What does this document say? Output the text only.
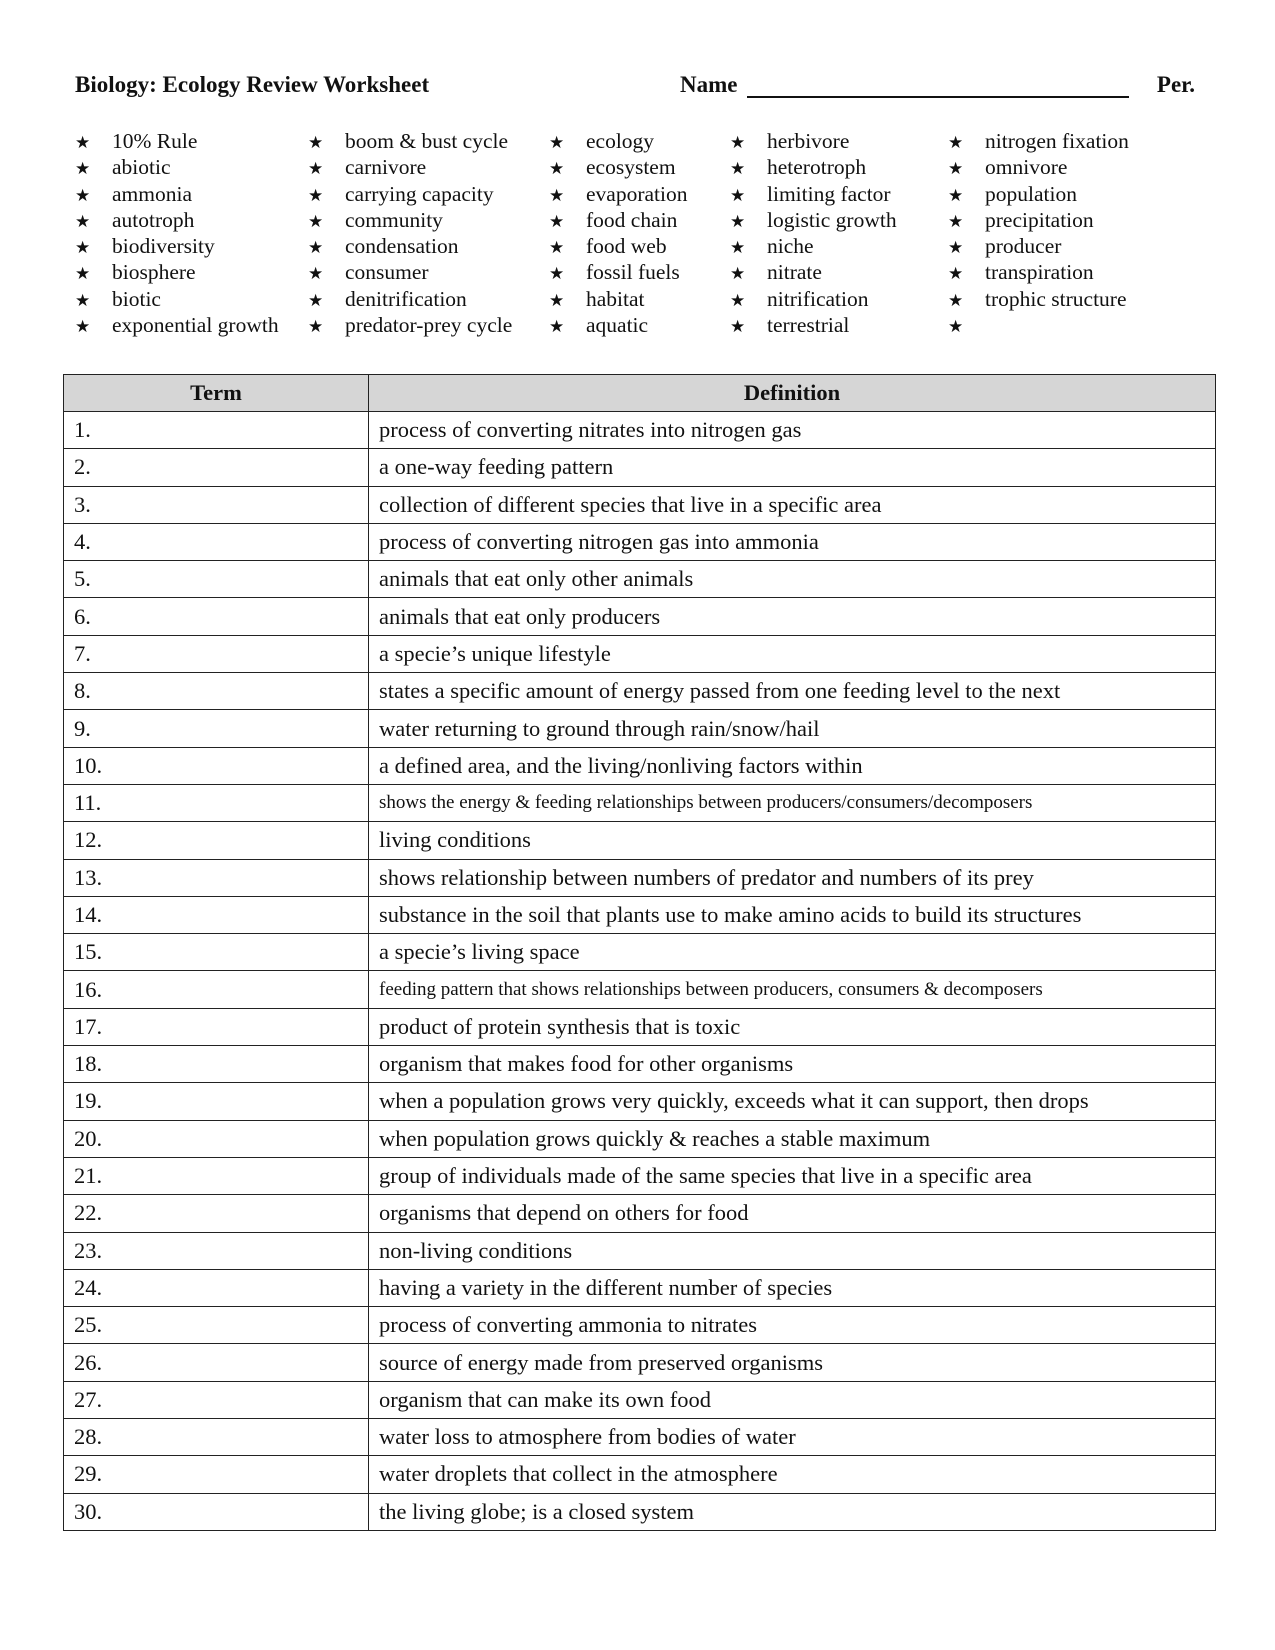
Biology: Ecology Review Worksheet	Name	Per.
★ 10% Rule
★ abiotic
★ ammonia
★ autotroph
★ biodiversity
★ biosphere
★ biotic
★ exponential growth
★ boom & bust cycle
★ carnivore
★ carrying capacity
★ community
★ condensation
★ consumer
★ denitrification
★ predator-prey cycle
★ ecology
★ ecosystem
★ evaporation
★ food chain
★ food web
★ fossil fuels
★ habitat
★ aquatic
★ herbivore
★ heterotroph
★ limiting factor
★ logistic growth
★ niche
★ nitrate
★ nitrification
★ terrestrial
★ nitrogen fixation
★ omnivore
★ population
★ precipitation
★ producer
★ transpiration
★ trophic structure
★
Term	Definition
1.	process of converting nitrates into nitrogen gas
2.	a one-way feeding pattern
3.	collection of different species that live in a specific area
4.	process of converting nitrogen gas into ammonia
5.	animals that eat only other animals
6.	animals that eat only producers
7.	a specie’s unique lifestyle
8.	states a specific amount of energy passed from one feeding level to the next
9.	water returning to ground through rain/snow/hail
10.	a defined area, and the living/nonliving factors within
11.	shows the energy & feeding relationships between producers/consumers/decomposers
12.	living conditions
13.	shows relationship between numbers of predator and numbers of its prey
14.	substance in the soil that plants use to make amino acids to build its structures
15.	a specie’s living space
16.	feeding pattern that shows relationships between producers, consumers & decomposers
17.	product of protein synthesis that is toxic
18.	organism that makes food for other organisms
19.	when a population grows very quickly, exceeds what it can support, then drops
20.	when population grows quickly & reaches a stable maximum
21.	group of individuals made of the same species that live in a specific area
22.	organisms that depend on others for food
23.	non-living conditions
24.	having a variety in the different number of species
25.	process of converting ammonia to nitrates
26.	source of energy made from preserved organisms
27.	organism that can make its own food
28.	water loss to atmosphere from bodies of water
29.	water droplets that collect in the atmosphere
30.	the living globe; is a closed system
